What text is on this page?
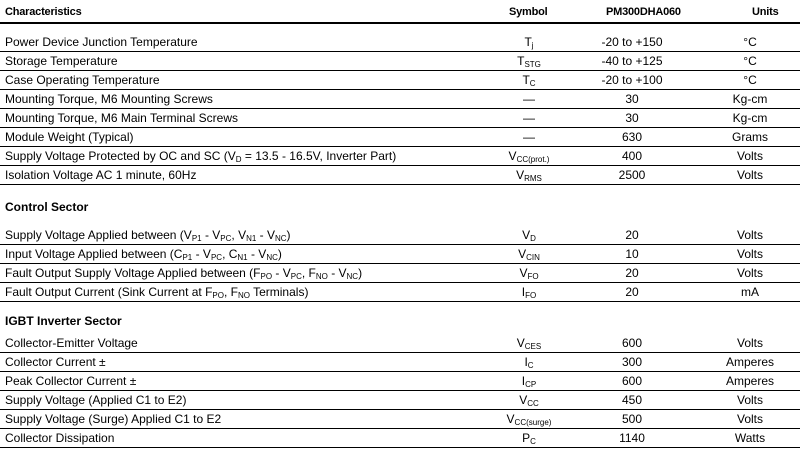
Characteristics	Symbol	PM300DHA060	Units
Power Device Junction Temperature	$T_j$	-20 to +150	°C
Storage Temperature	$T_{STG}$	-40 to +125	°C
Case Operating Temperature	$T_C$	-20 to +100	°C
Mounting Torque, M6 Mounting Screws	—	30	Kg-cm
Mounting Torque, M6 Main Terminal Screws	—	30	Kg-cm
Module Weight (Typical)	—	630	Grams
Supply Voltage Protected by OC and SC ($V_D = 13.5 - 16.5V$, Inverter Part)	$V_{CC(prot.)}$	400	Volts
Isolation Voltage AC 1 minute, 60Hz	$V_{RMS}$	2500	Volts
Control Sector
Supply Voltage Applied between ($V_{P1} - V_{PC}$, $V_{N1} - V_{NC}$)	$V_D$	20	Volts
Input Voltage Applied between ($C_{P1} - V_{PC}$, $C_{N1} - V_{NC}$)	$V_{CIN}$	10	Volts
Fault Output Supply Voltage Applied between ($F_{PO} - V_{PC}$, $F_{NO} - V_{NC}$)	$V_{FO}$	20	Volts
Fault Output Current (Sink Current at $F_{PO}$, $F_{NO}$ Terminals)	$I_{FO}$	20	mA
IGBT Inverter Sector
Collector-Emitter Voltage	$V_{CES}$	600	Volts
Collector Current ±	$I_C$	300	Amperes
Peak Collector Current ±	$I_{CP}$	600	Amperes
Supply Voltage (Applied C1 to E2)	$V_{CC}$	450	Volts
Supply Voltage (Surge) Applied C1 to E2	$V_{CC(surge)}$	500	Volts
Collector Dissipation	$P_C$	1140	Watts
